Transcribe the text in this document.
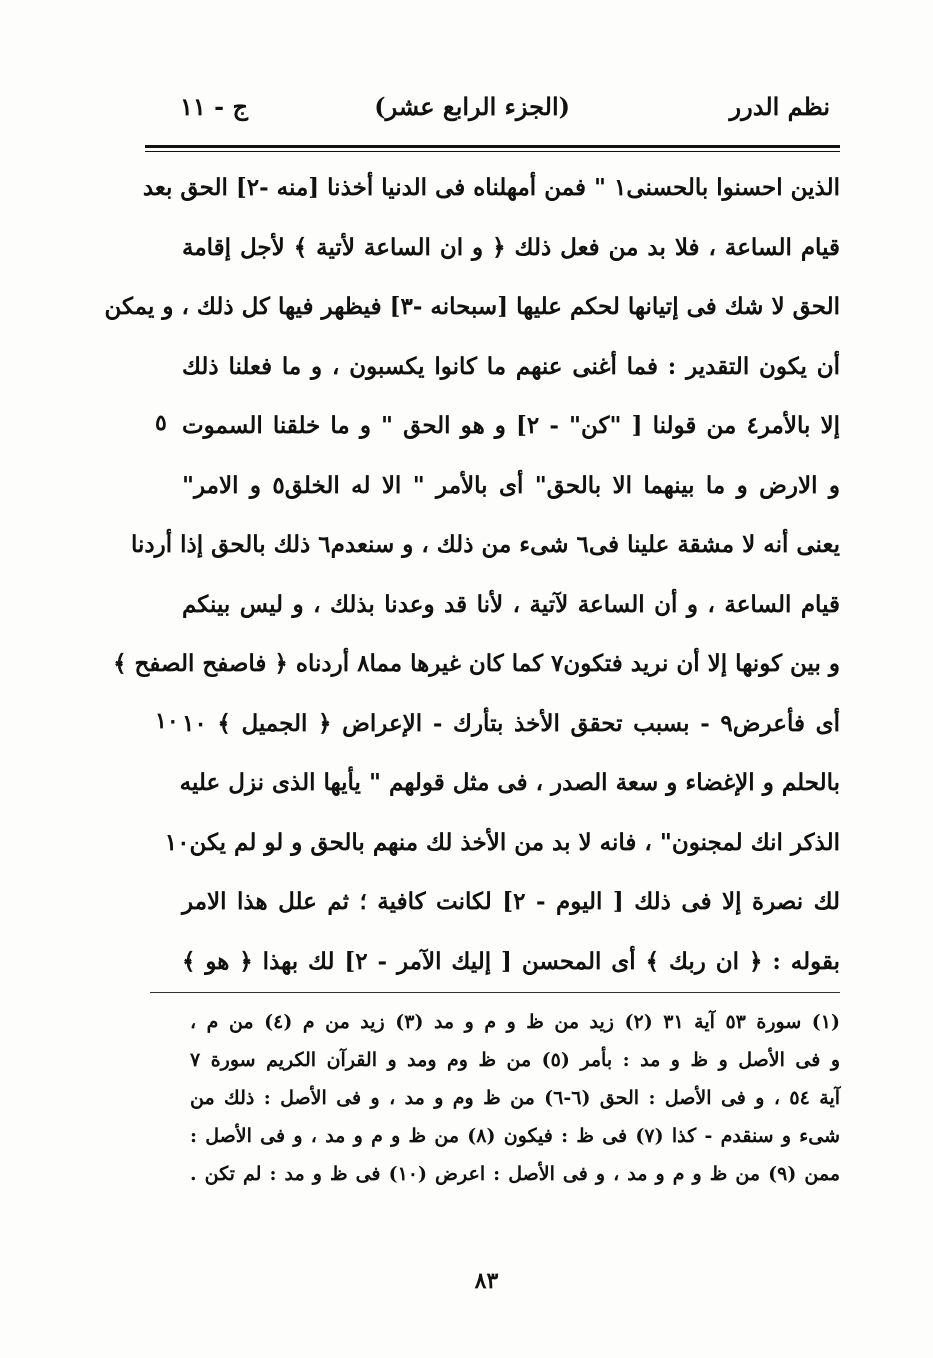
نظم الدرر
(الجزء الرابع عشر)
ج - ١١
الذين احسنوا بالحسنى١ " فمن أمهلناه فى الدنيا أخذنا [منه -٢] الحق بعد
قيام الساعة ، فلا بد من فعل ذلك ﴿ و ان الساعة لأتية ﴾ لأجل إقامة
الحق لا شك فى إتيانها لحكم عليها [سبحانه -٣] فيظهر فيها كل ذلك ، و يمكن
أن يكون التقدير : فما أغنى عنهم ما كانوا يكسبون ، و ما فعلنا ذلك
إلا بالأمر٤ من قولنا [ "كن" - ٢] و هو الحق " و ما خلقنا السموت
و الارض و ما بينهما الا بالحق" أى بالأمر " الا له الخلق٥ و الامر"
يعنى أنه لا مشقة علينا فى٦ شىء من ذلك ، و سنعدم٦ ذلك بالحق إذا أردنا
قيام الساعة ، و أن الساعة لآتية ، لأنا قد وعدنا بذلك ، و ليس بينكم
و بين كونها إلا أن نريد فتكون٧ كما كان غيرها مما٨ أردناه ﴿ فاصفح الصفح ﴾
أى فأعرض٩ - بسبب تحقق الأخذ بتأرك - الإعراض ﴿ الجميل ﴾ ١٠
بالحلم و الإغضاء و سعة الصدر ، فى مثل قولهم " يأيها الذى نزل عليه
الذكر انك لمجنون" ، فانه لا بد من الأخذ لك منهم بالحق و لو لم يكن١٠
لك نصرة إلا فى ذلك [ اليوم - ٢] لكانت كافية ؛ ثم علل هذا الامر
بقوله : ﴿ ان ربك ﴾ أى المحسن [ إليك الآمر - ٢] لك بهذا ﴿ هو ﴾
٥
١٠
(١) سورة ٥٣ آية ٣١ (٢) زيد من ظ و م و مد (٣) زيد من م (٤) من م ،
و فى الأصل و ظ و مد : بأمر (٥) من ظ وم ومد و القرآن الكريم سورة ٧
آية ٥٤ ، و فى الأصل : الحق (٦-٦) من ظ وم و مد ، و فى الأصل : ذلك من
شىء و سنقدم - كذا (٧) فى ظ : فيكون (٨) من ظ و م و مد ، و فى الأصل :
ممن (٩) من ظ و م و مد ، و فى الأصل : اعرض (١٠) فى ظ و مد : لم تكن .
٨٣
